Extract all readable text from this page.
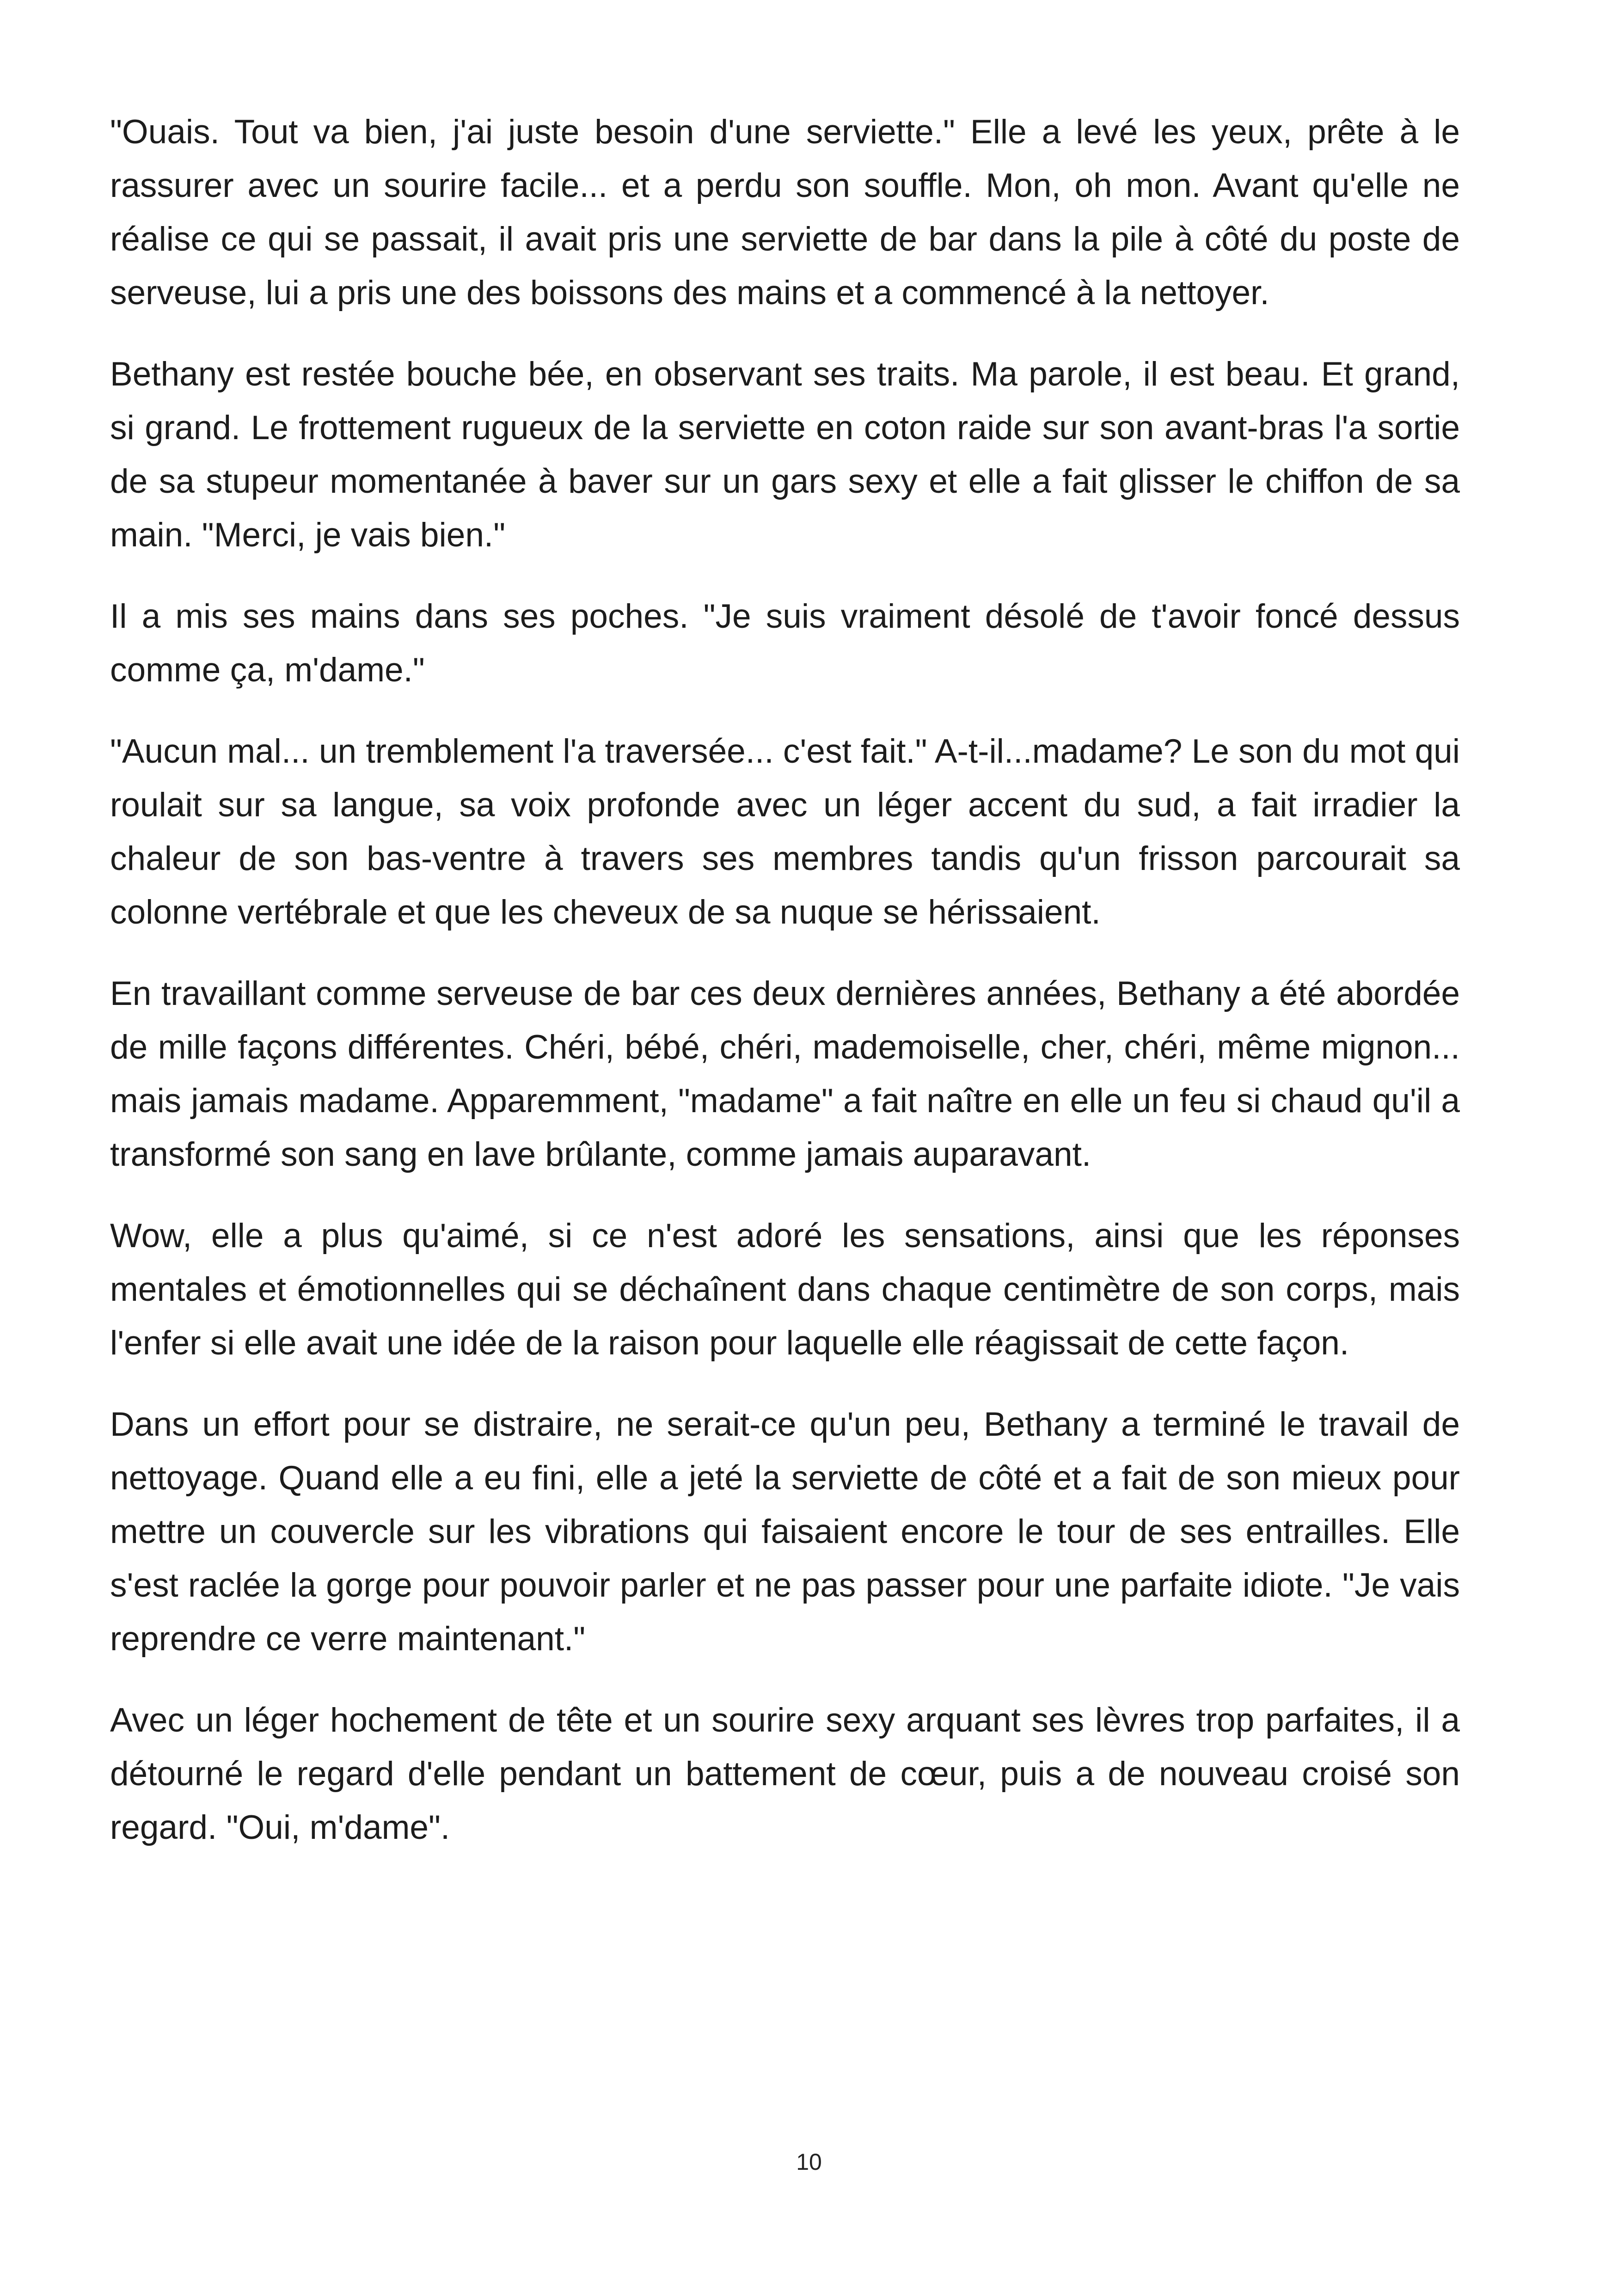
"Ouais. Tout va bien, j'ai juste besoin d'une serviette." Elle a levé les yeux, prête à le rassurer avec un sourire facile... et a perdu son souffle. Mon, oh mon. Avant qu'elle ne réalise ce qui se passait, il avait pris une serviette de bar dans la pile à côté du poste de serveuse, lui a pris une des boissons des mains et a commencé à la nettoyer.

Bethany est restée bouche bée, en observant ses traits. Ma parole, il est beau. Et grand, si grand. Le frottement rugueux de la serviette en coton raide sur son avant-bras l'a sortie de sa stupeur momentanée à baver sur un gars sexy et elle a fait glisser le chiffon de sa main. "Merci, je vais bien."

Il a mis ses mains dans ses poches. "Je suis vraiment désolé de t'avoir foncé dessus comme ça, m'dame."

"Aucun mal... un tremblement l'a traversée... c'est fait." A-t-il...madame? Le son du mot qui roulait sur sa langue, sa voix profonde avec un léger accent du sud, a fait irradier la chaleur de son bas-ventre à travers ses membres tandis qu'un frisson parcourait sa colonne vertébrale et que les cheveux de sa nuque se hérissaient.

En travaillant comme serveuse de bar ces deux dernières années, Bethany a été abordée de mille façons différentes. Chéri, bébé, chéri, mademoiselle, cher, chéri, même mignon... mais jamais madame. Apparemment, "madame" a fait naître en elle un feu si chaud qu'il a transformé son sang en lave brûlante, comme jamais auparavant.

Wow, elle a plus qu'aimé, si ce n'est adoré les sensations, ainsi que les réponses mentales et émotionnelles qui se déchaînent dans chaque centimètre de son corps, mais l'enfer si elle avait une idée de la raison pour laquelle elle réagissait de cette façon.

Dans un effort pour se distraire, ne serait-ce qu'un peu, Bethany a terminé le travail de nettoyage. Quand elle a eu fini, elle a jeté la serviette de côté et a fait de son mieux pour mettre un couvercle sur les vibrations qui faisaient encore le tour de ses entrailles. Elle s'est raclée la gorge pour pouvoir parler et ne pas passer pour une parfaite idiote. "Je vais reprendre ce verre maintenant."

Avec un léger hochement de tête et un sourire sexy arquant ses lèvres trop parfaites, il a détourné le regard d'elle pendant un battement de cœur, puis a de nouveau croisé son regard. "Oui, m'dame".

10
